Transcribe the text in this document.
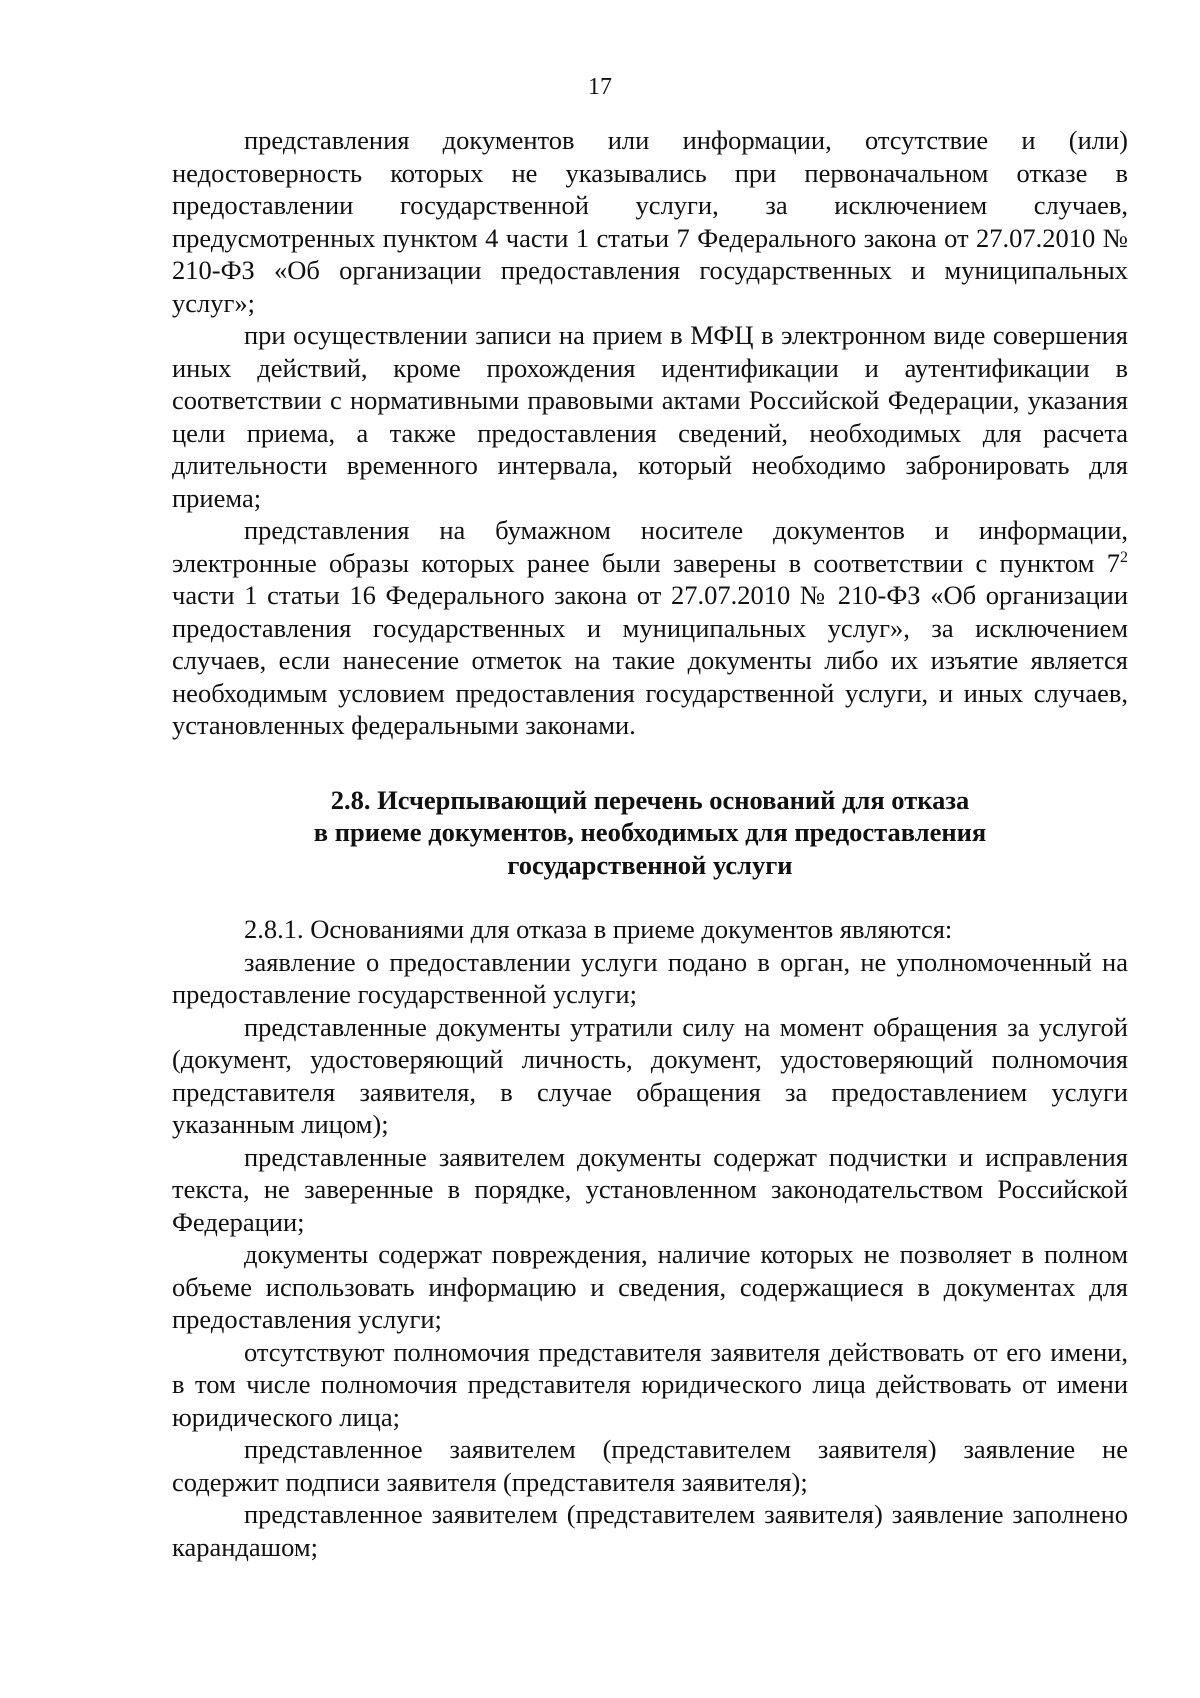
17

представления документов или информации, отсутствие и (или) недостоверность которых не указывались при первоначальном отказе в предоставлении государственной услуги, за исключением случаев, предусмотренных пунктом 4 части 1 статьи 7 Федерального закона от 27.07.2010 № 210-ФЗ «Об организации предоставления государственных и муниципальных услуг»;

при осуществлении записи на прием в МФЦ в электронном виде совершения иных действий, кроме прохождения идентификации и аутентификации в соответствии с нормативными правовыми актами Российской Федерации, указания цели приема, а также предоставления сведений, необходимых для расчета длительности временного интервала, который необходимо забронировать для приема;

представления на бумажном носителе документов и информации, электронные образы которых ранее были заверены в соответствии с пунктом $7^2$ части 1 статьи 16 Федерального закона от 27.07.2010 № 210-ФЗ «Об организации предоставления государственных и муниципальных услуг», за исключением случаев, если нанесение отметок на такие документы либо их изъятие является необходимым условием предоставления государственной услуги, и иных случаев, установленных федеральными законами.

2.8. Исчерпывающий перечень оснований для отказа
в приеме документов, необходимых для предоставления
государственной услуги

2.8.1. Основаниями для отказа в приеме документов являются:

заявление о предоставлении услуги подано в орган, не уполномоченный на предоставление государственной услуги;

представленные документы утратили силу на момент обращения за услугой (документ, удостоверяющий личность, документ, удостоверяющий полномочия представителя заявителя, в случае обращения за предоставлением услуги указанным лицом);

представленные заявителем документы содержат подчистки и исправления текста, не заверенные в порядке, установленном законодательством Российской Федерации;

документы содержат повреждения, наличие которых не позволяет в полном объеме использовать информацию и сведения, содержащиеся в документах для предоставления услуги;

отсутствуют полномочия представителя заявителя действовать от его имени, в том числе полномочия представителя юридического лица действовать от имени юридического лица;

представленное заявителем (представителем заявителя) заявление не содержит подписи заявителя (представителя заявителя);

представленное заявителем (представителем заявителя) заявление заполнено карандашом;
